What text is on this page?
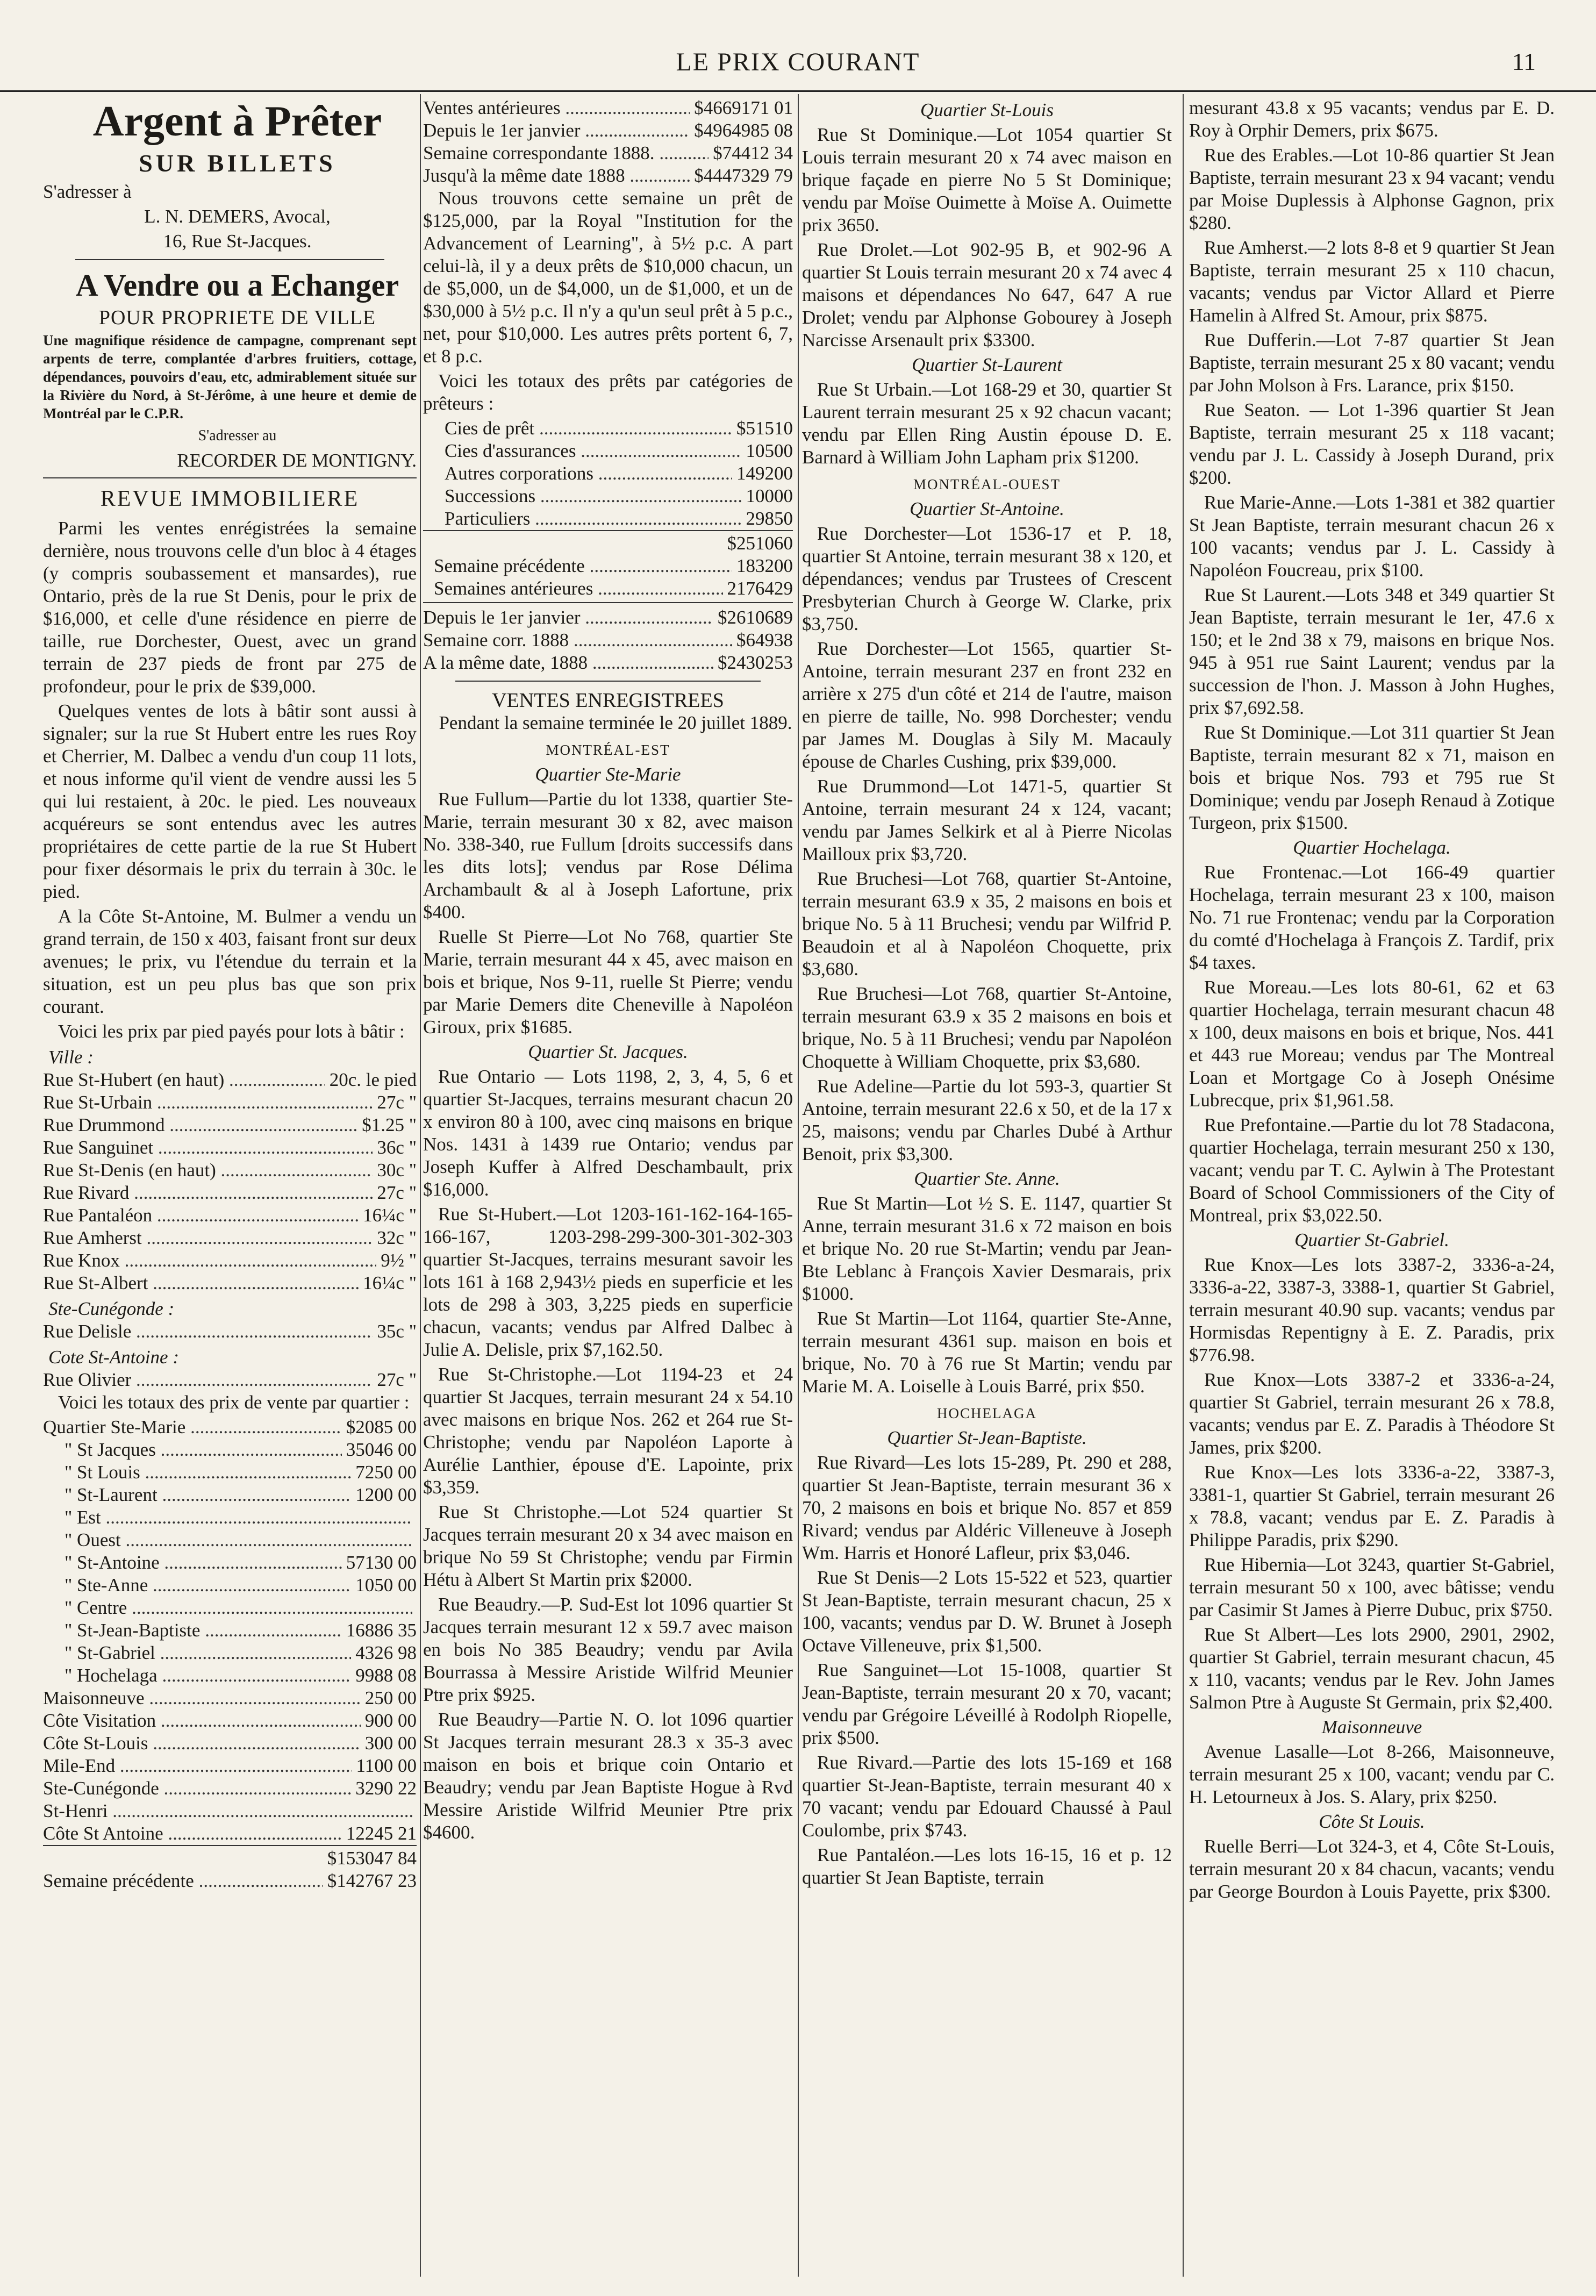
LE PRIX COURANT	11

Argent à Prêter

SUR BILLETS

S'adresser à

L. N. DEMERS, Avocal,

16, Rue St-Jacques.

A Vendre ou a Echanger

POUR PROPRIETE DE VILLE

Une magnifique résidence de campagne, comprenant sept arpents de terre, complantée d'arbres fruitiers, cottage, dépendances, pouvoirs d'eau, etc, admirablement située sur la Rivière du Nord, à St-Jérôme, à une heure et demie de Montréal par le C.P.R.

S'adresser au

RECORDER DE MONTIGNY.

REVUE IMMOBILIERE

Parmi les ventes enrégistrées la semaine dernière, nous trouvons celle d'un bloc à 4 étages (y compris soubassement et mansardes), rue Ontario, près de la rue St Denis, pour le prix de $16,000, et celle d'une résidence en pierre de taille, rue Dorchester, Ouest, avec un grand terrain de 237 pieds de front par 275 de profondeur, pour le prix de $39,000.

Quelques ventes de lots à bâtir sont aussi à signaler; sur la rue St Hubert entre les rues Roy et Cherrier, M. Dalbec a vendu d'un coup 11 lots, et nous informe qu'il vient de vendre aussi les 5 qui lui restaient, à 20c. le pied. Les nouveaux acquéreurs se sont entendus avec les autres propriétaires de cette partie de la rue St Hubert pour fixer désormais le prix du terrain à 30c. le pied.

A la Côte St-Antoine, M. Bulmer a vendu un grand terrain, de 150 x 403, faisant front sur deux avenues; le prix, vu l'étendue du terrain et la situation, est un peu plus bas que son prix courant.

Voici les prix par pied payés pour lots à bâtir :

Ville :
Rue St-Hubert (en haut) .....	20c. le pied
Rue St-Urbain .....	27c "
Rue Drummond .....	$1.25 "
Rue Sanguinet .....	36c "
Rue St-Denis (en haut) .....	30c "
Rue Rivard .....	27c "
Rue Pantaléon .....	16¼c "
Rue Amherst .....	32c "
Rue Knox .....	9½ "
Rue St-Albert .....	16¼c "
Ste-Cunégonde :
Rue Delisle .....	35c "
Cote St-Antoine :
Rue Olivier .....	27c "

Voici les totaux des prix de vente par quartier :

Quartier Ste-Marie .....	$2085 00
" St Jacques .....	35046 00
" St Louis .....	7250 00
" St-Laurent .....	1200 00
" Est .....
" Ouest .....
" St-Antoine .....	57130 00
" Ste-Anne .....	1050 00
" Centre .....
" St-Jean-Baptiste .....	16886 35
" St-Gabriel .....	4326 98
" Hochelaga .....	9988 08
Maisonneuve .....	250 00
Côte Visitation .....	900 00
Côte St-Louis .....	300 00
Mile-End .....	1100 00
Ste-Cunégonde .....	3290 22
St-Henri .....
Côte St Antoine .....	12245 21
$153047 84
Semaine précédente .....	$142767 23
Ventes antérieures .....	$4669171 01
Depuis le 1er janvier .....	$4964985 08
Semaine correspondante 1888. .....	$74412 34
Jusqu'à la même date 1888 .....	$4447329 79

Nous trouvons cette semaine un prêt de $125,000, par la Royal "Institution for the Advancement of Learning", à 5½ p.c. A part celui-là, il y a deux prêts de $10,000 chacun, un de $5,000, un de $4,000, un de $1,000, et un de $30,000 à 5½ p.c. Il n'y a qu'un seul prêt à 5 p.c., net, pour $10,000. Les autres prêts portent 6, 7, et 8 p.c.

Voici les totaux des prêts par catégories de prêteurs :

Cies de prêt .....	$51510
Cies d'assurances .....	10500
Autres corporations .....	149200
Successions .....	10000
Particuliers .....	29850
$251060
Semaine précédente .....	183200
Semaines antérieures .....	2176429
Depuis le 1er janvier .....	$2610689
Semaine corr. 1888 .....	$64938
A la même date, 1888 .....	$2430253
VENTES ENREGISTREES

Pendant la semaine terminée le 20 juillet 1889.

MONTRÉAL-EST
Quartier Ste-Marie

Rue Fullum—Partie du lot 1338, quartier Ste-Marie, terrain mesurant 30 x 82, avec maison No. 338-340, rue Fullum [droits successifs dans les dits lots]; vendus par Rose Délima Archambault & al à Joseph Lafortune, prix $400.

Ruelle St Pierre—Lot No 768, quartier Ste Marie, terrain mesurant 44 x 45, avec maison en bois et brique, Nos 9-11, ruelle St Pierre; vendu par Marie Demers dite Cheneville à Napoléon Giroux, prix $1685.

Quartier St. Jacques.

Rue Ontario — Lots 1198, 2, 3, 4, 5, 6 et quartier St-Jacques, terrains mesurant chacun 20 x environ 80 à 100, avec cinq maisons en brique Nos. 1431 à 1439 rue Ontario; vendus par Joseph Kuffer à Alfred Deschambault, prix $16,000.

Rue St-Hubert.—Lot 1203-161-162-164-165-166-167, 1203-298-299-300-301-302-303 quartier St-Jacques, terrains mesurant savoir les lots 161 à 168 2,943½ pieds en superficie et les lots de 298 à 303, 3,225 pieds en superficie chacun, vacants; vendus par Alfred Dalbec à Julie A. Delisle, prix $7,162.50.

Rue St-Christophe.—Lot 1194-23 et 24 quartier St Jacques, terrain mesurant 24 x 54.10 avec maisons en brique Nos. 262 et 264 rue St-Christophe; vendu par Napoléon Laporte à Aurélie Lanthier, épouse d'E. Lapointe, prix $3,359.

Rue St Christophe.—Lot 524 quartier St Jacques terrain mesurant 20 x 34 avec maison en brique No 59 St Christophe; vendu par Firmin Hétu à Albert St Martin prix $2000.

Rue Beaudry.—P. Sud-Est lot 1096 quartier St Jacques terrain mesurant 12 x 59.7 avec maison en bois No 385 Beaudry; vendu par Avila Bourrassa à Messire Aristide Wilfrid Meunier Ptre prix $925.

Rue Beaudry—Partie N. O. lot 1096 quartier St Jacques terrain mesurant 28.3 x 35-3 avec maison en bois et brique coin Ontario et Beaudry; vendu par Jean Baptiste Hogue à Rvd Messire Aristide Wilfrid Meunier Ptre prix $4600.

Quartier St-Louis

Rue St Dominique.—Lot 1054 quartier St Louis terrain mesurant 20 x 74 avec maison en brique façade en pierre No 5 St Dominique; vendu par Moïse Ouimette à Moïse A. Ouimette prix 3650.

Rue Drolet.—Lot 902-95 B, et 902-96 A quartier St Louis terrain mesurant 20 x 74 avec 4 maisons et dépendances No 647, 647 A rue Drolet; vendu par Alphonse Gobourey à Joseph Narcisse Arsenault prix $3300.

Quartier St-Laurent

Rue St Urbain.—Lot 168-29 et 30, quartier St Laurent terrain mesurant 25 x 92 chacun vacant; vendu par Ellen Ring Austin épouse D. E. Barnard à William John Lapham prix $1200.

MONTRÉAL-OUEST
Quartier St-Antoine.

Rue Dorchester—Lot 1536-17 et P. 18, quartier St Antoine, terrain mesurant 38 x 120, et dépendances; vendus par Trustees of Crescent Presbyterian Church à George W. Clarke, prix $3,750.

Rue Dorchester—Lot 1565, quartier St-Antoine, terrain mesurant 237 en front 232 en arrière x 275 d'un côté et 214 de l'autre, maison en pierre de taille, No. 998 Dorchester; vendu par James M. Douglas à Sily M. Macauly épouse de Charles Cushing, prix $39,000.

Rue Drummond—Lot 1471-5, quartier St Antoine, terrain mesurant 24 x 124, vacant; vendu par James Selkirk et al à Pierre Nicolas Mailloux prix $3,720.

Rue Bruchesi—Lot 768, quartier St-Antoine, terrain mesurant 63.9 x 35, 2 maisons en bois et brique No. 5 à 11 Bruchesi; vendu par Wilfrid P. Beaudoin et al à Napoléon Choquette, prix $3,680.

Rue Bruchesi—Lot 768, quartier St-Antoine, terrain mesurant 63.9 x 35 2 maisons en bois et brique, No. 5 à 11 Bruchesi; vendu par Napoléon Choquette à William Choquette, prix $3,680.

Rue Adeline—Partie du lot 593-3, quartier St Antoine, terrain mesurant 22.6 x 50, et de la 17 x 25, maisons; vendu par Charles Dubé à Arthur Benoit, prix $3,300.

Quartier Ste. Anne.

Rue St Martin—Lot ½ S. E. 1147, quartier St Anne, terrain mesurant 31.6 x 72 maison en bois et brique No. 20 rue St-Martin; vendu par Jean-Bte Leblanc à François Xavier Desmarais, prix $1000.

Rue St Martin—Lot 1164, quartier Ste-Anne, terrain mesurant 4361 sup. maison en bois et brique, No. 70 à 76 rue St Martin; vendu par Marie M. A. Loiselle à Louis Barré, prix $50.

HOCHELAGA
Quartier St-Jean-Baptiste.

Rue Rivard—Les lots 15-289, Pt. 290 et 288, quartier St Jean-Baptiste, terrain mesurant 36 x 70, 2 maisons en bois et brique No. 857 et 859 Rivard; vendus par Aldéric Villeneuve à Joseph Wm. Harris et Honoré Lafleur, prix $3,046.

Rue St Denis—2 Lots 15-522 et 523, quartier St Jean-Baptiste, terrain mesurant chacun, 25 x 100, vacants; vendus par D. W. Brunet à Joseph Octave Villeneuve, prix $1,500.

Rue Sanguinet—Lot 15-1008, quartier St Jean-Baptiste, terrain mesurant 20 x 70, vacant; vendu par Grégoire Léveillé à Rodolph Riopelle, prix $500.

Rue Rivard.—Partie des lots 15-169 et 168 quartier St-Jean-Baptiste, terrain mesurant 40 x 70 vacant; vendu par Edouard Chaussé à Paul Coulombe, prix $743.

Rue Pantaléon.—Les lots 16-15, 16 et p. 12 quartier St Jean Baptiste, terrain

mesurant 43.8 x 95 vacants; vendus par E. D. Roy à Orphir Demers, prix $675.

Rue des Erables.—Lot 10-86 quartier St Jean Baptiste, terrain mesurant 23 x 94 vacant; vendu par Moise Duplessis à Alphonse Gagnon, prix $280.

Rue Amherst.—2 lots 8-8 et 9 quartier St Jean Baptiste, terrain mesurant 25 x 110 chacun, vacants; vendus par Victor Allard et Pierre Hamelin à Alfred St. Amour, prix $875.

Rue Dufferin.—Lot 7-87 quartier St Jean Baptiste, terrain mesurant 25 x 80 vacant; vendu par John Molson à Frs. Larance, prix $150.

Rue Seaton. — Lot 1-396 quartier St Jean Baptiste, terrain mesurant 25 x 118 vacant; vendu par J. L. Cassidy à Joseph Durand, prix $200.

Rue Marie-Anne.—Lots 1-381 et 382 quartier St Jean Baptiste, terrain mesurant chacun 26 x 100 vacants; vendus par J. L. Cassidy à Napoléon Foucreau, prix $100.

Rue St Laurent.—Lots 348 et 349 quartier St Jean Baptiste, terrain mesurant le 1er, 47.6 x 150; et le 2nd 38 x 79, maisons en brique Nos. 945 à 951 rue Saint Laurent; vendus par la succession de l'hon. J. Masson à John Hughes, prix $7,692.58.

Rue St Dominique.—Lot 311 quartier St Jean Baptiste, terrain mesurant 82 x 71, maison en bois et brique Nos. 793 et 795 rue St Dominique; vendu par Joseph Renaud à Zotique Turgeon, prix $1500.

Quartier Hochelaga.

Rue Frontenac.—Lot 166-49 quartier Hochelaga, terrain mesurant 23 x 100, maison No. 71 rue Frontenac; vendu par la Corporation du comté d'Hochelaga à François Z. Tardif, prix $4 taxes.

Rue Moreau.—Les lots 80-61, 62 et 63 quartier Hochelaga, terrain mesurant chacun 48 x 100, deux maisons en bois et brique, Nos. 441 et 443 rue Moreau; vendus par The Montreal Loan et Mortgage Co à Joseph Onésime Lubrecque, prix $1,961.58.

Rue Prefontaine.—Partie du lot 78 Stadacona, quartier Hochelaga, terrain mesurant 250 x 130, vacant; vendu par T. C. Aylwin à The Protestant Board of School Commissioners of the City of Montreal, prix $3,022.50.

Quartier St-Gabriel.

Rue Knox—Les lots 3387-2, 3336-a-24, 3336-a-22, 3387-3, 3388-1, quartier St Gabriel, terrain mesurant 40.90 sup. vacants; vendus par Hormisdas Repentigny à E. Z. Paradis, prix $776.98.

Rue Knox—Lots 3387-2 et 3336-a-24, quartier St Gabriel, terrain mesurant 26 x 78.8, vacants; vendus par E. Z. Paradis à Théodore St James, prix $200.

Rue Knox—Les lots 3336-a-22, 3387-3, 3381-1, quartier St Gabriel, terrain mesurant 26 x 78.8, vacant; vendus par E. Z. Paradis à Philippe Paradis, prix $290.

Rue Hibernia—Lot 3243, quartier St-Gabriel, terrain mesurant 50 x 100, avec bâtisse; vendu par Casimir St James à Pierre Dubuc, prix $750.

Rue St Albert—Les lots 2900, 2901, 2902, quartier St Gabriel, terrain mesurant chacun, 45 x 110, vacants; vendus par le Rev. John James Salmon Ptre à Auguste St Germain, prix $2,400.

Maisonneuve

Avenue Lasalle—Lot 8-266, Maisonneuve, terrain mesurant 25 x 100, vacant; vendu par C. H. Letourneux à Jos. S. Alary, prix $250.

Côte St Louis.

Ruelle Berri—Lot 324-3, et 4, Côte St-Louis, terrain mesurant 20 x 84 chacun, vacants; vendu par George Bourdon à Louis Payette, prix $300.
